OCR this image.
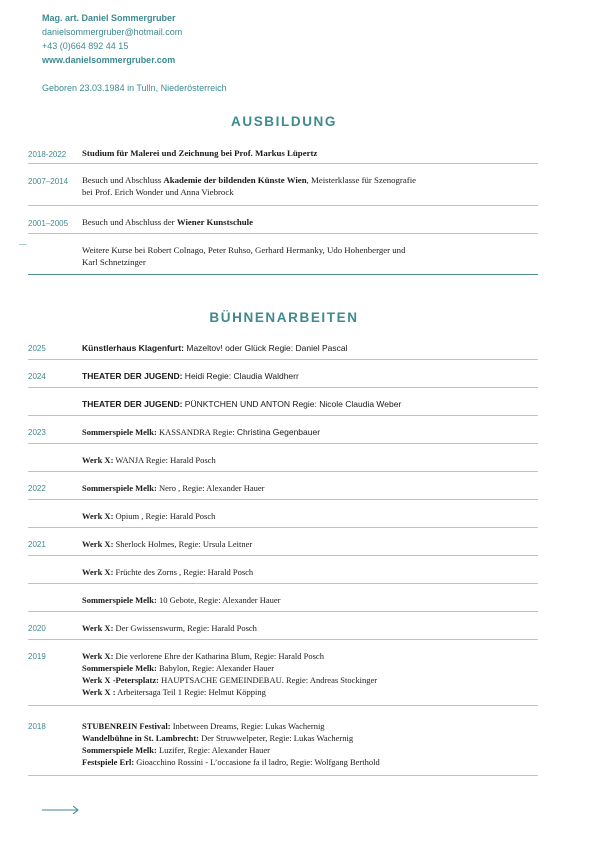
Mag. art. Daniel Sommergruber
danielsommergruber@hotmail.com
+43 (0)664 892 44 15
www.danielsommergruber.com
Geboren 23.03.1984 in Tulln, Niederösterreich
AUSBILDUNG
2018-2022 Studium für Malerei und Zeichnung bei Prof. Markus Lüpertz
2007–2014 Besuch und Abschluss Akademie der bildenden Künste Wien, Meisterklasse für Szenografie
bei Prof. Erich Wonder und Anna Viebrock
2001–2005 Besuch und Abschluss der Wiener Kunstschule
Weitere Kurse bei Robert Colnago, Peter Ruhso, Gerhard Hermanky, Udo Hohenberger und
Karl Schnetzinger
BÜHNENARBEITEN
2025	Künstlerhaus Klagenfurt: Mazeltov! oder Glück Regie: Daniel Pascal
2024	THEATER DER JUGEND: Heidi Regie: Claudia Waldherr
THEATER DER JUGEND: PÜNKTCHEN UND ANTON Regie: Nicole Claudia Weber
2023	Sommerspiele Melk: KASSANDRA Regie: Christina Gegenbauer
Werk X: WANJA Regie: Harald Posch
2022	Sommerspiele Melk: Nero , Regie: Alexander Hauer
Werk X: Opium , Regie: Harald Posch
2021	Werk X: Sherlock Holmes, Regie: Ursula Leitner
Werk X: Früchte des Zorns , Regie: Harald Posch
Sommerspiele Melk: 10 Gebote, Regie: Alexander Hauer
2020	Werk X: Der Gwissenswurm, Regie: Harald Posch
2019	Werk X: Die verlorene Ehre der Katharina Blum, Regie: Harald Posch
Sommerspiele Melk: Babylon, Regie: Alexander Hauer
Werk X -Petersplatz: HAUPTSACHE GEMEINDEBAU. Regie: Andreas Stockinger
Werk X : Arbeitersaga Teil 1 Regie: Helmut Köpping
2018	STUBENREIN Festival: Inbetween Dreams, Regie: Lukas Wachernig
Wandelbühne in St. Lambrecht: Der Struwwelpeter, Regie: Lukas Wachernig
Sommerspiele Melk: Luzifer, Regie: Alexander Hauer
Festspiele Erl: Gioacchino Rossini - L’occasione fa il ladro, Regie: Wolfgang Berthold
